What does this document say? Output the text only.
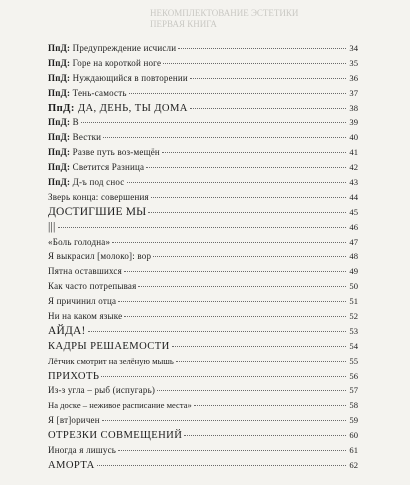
НЕКОМПЛЕКТОВАНИЕ ЭСТЕТИКИ
ПЕРВАЯ КНИГА
ПпД: Предупреждение исчисли	34
ПпД: Горе на короткой ноге	35
ПпД: Нуждающийся в повторении	36
ПпД: Тень-самость	37
ПпД: ДА, ДЕНЬ, ТЫ ДОМА	38
ПпД: В	39
ПпД: Вестки	40
ПпД: Разве путь воз-мещён	41
ПпД: Светится Разница	42
ПпД: Д-ъ под снос	43
Зверь конца: совершения	44
ДОСТИГШИЕ МЫ	45
|||	46
«Боль голодна»	47
Я выкрасил [молоко]: вор	48
Пятна оставшихся	49
Как часто потрепывая	50
Я причинил отца	51
Ни на каком языке	52
АЙДА!	53
КАДРЫ РЕШАЕМОСТИ	54
Лётчик смотрит на зелёную мышь	55
ПРИХОТЬ	56
Из-з угла – рыб (испугарь)	57
На доске – неживое расписание места»	58
Я [вт]оричен	59
ОТРЕЗКИ СОВМЕЩЕНИЙ	60
Иногда я лишусь	61
АМОРТА	62
